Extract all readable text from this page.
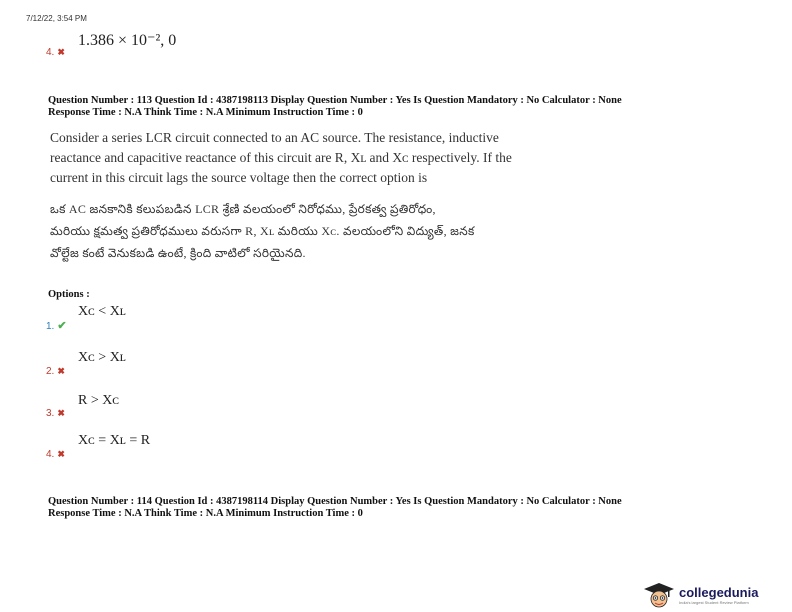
7/12/22, 3:54 PM
1.386 × 10⁻², 0
4. ✖
Question Number : 113 Question Id : 4387198113 Display Question Number : Yes Is Question Mandatory : No Calculator : None
Response Time : N.A Think Time : N.A Minimum Instruction Time : 0
Consider a series LCR circuit connected to an AC source. The resistance, inductive
reactance and capacitive reactance of this circuit are R, Xʟ and Xᴄ respectively. If the
current in this circuit lags the source voltage then the correct option is
ఒక AC జనకానికి కలుపబడిన LCR శ్రేణి వలయంలో నిరోధము, ప్రేరకత్వ ప్రతిరోధం,
మరియు క్షమత్వ ప్రతిరోధములు వరుసగా R, Xʟ మరియు Xᴄ. వలయంలోని విద్యుత్, జనక
వోల్టేజ కంటే వెనుకబడి ఉంటే, క్రింది వాటిలో సరియైనది.
Options :
Xᴄ < Xʟ
1. ✔
Xᴄ > Xʟ
2. ✖
R > Xᴄ
3. ✖
Xᴄ = Xʟ = R
4. ✖
Question Number : 114 Question Id : 4387198114 Display Question Number : Yes Is Question Mandatory : No Calculator : None
Response Time : N.A Think Time : N.A Minimum Instruction Time : 0
collegedunia
India's largest Student Review Platform
